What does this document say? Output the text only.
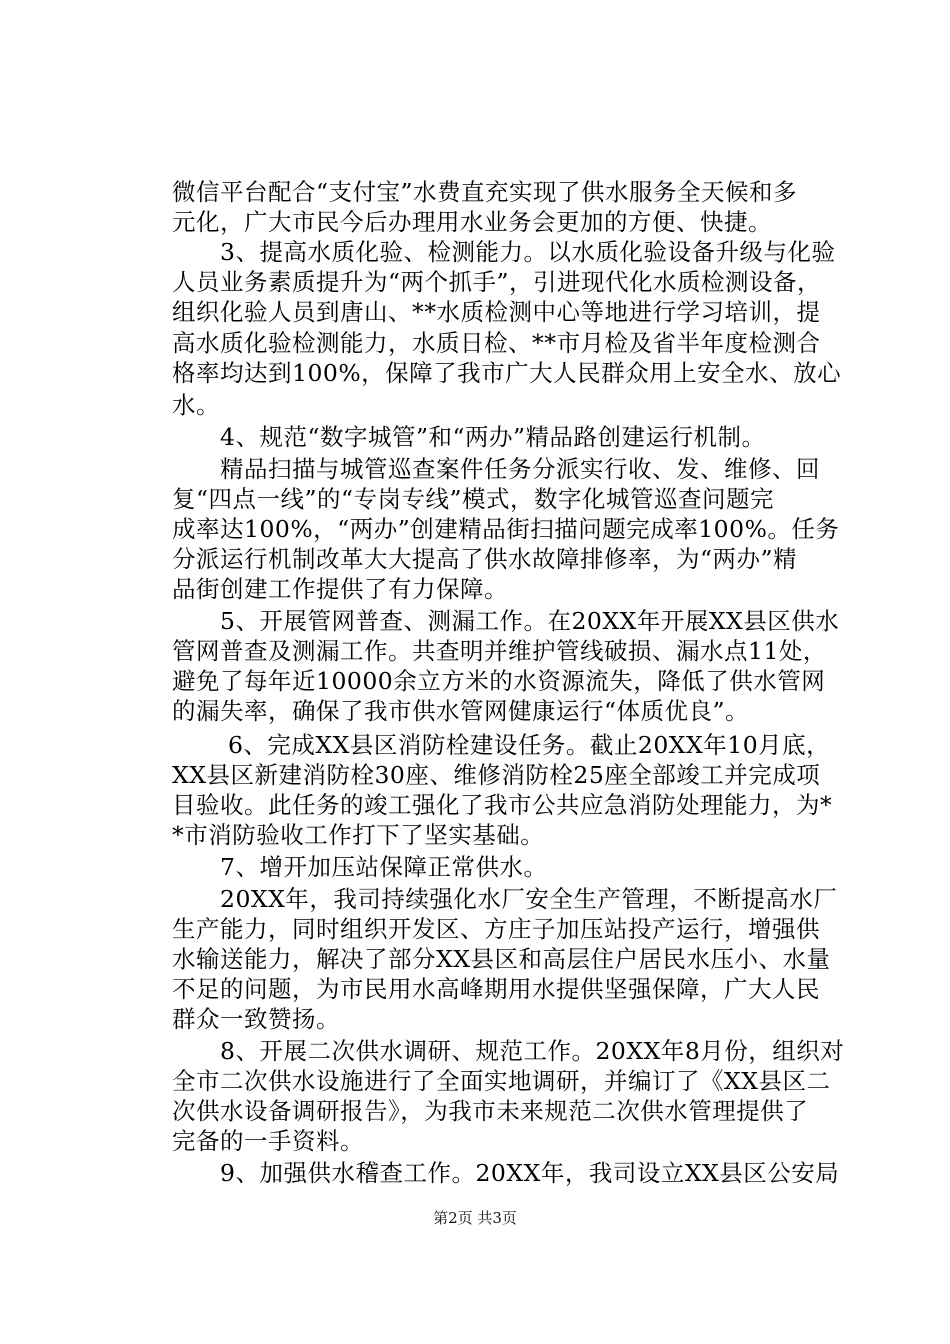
微信平台配合“支付宝”水费直充实现了供水服务全天候和多
元化，广大市民今后办理用水业务会更加的方便、快捷。
　　3、提高水质化验、检测能力。以水质化验设备升级与化验
人员业务素质提升为“两个抓手”，引进现代化水质检测设备，
组织化验人员到唐山、**水质检测中心等地进行学习培训，提
高水质化验检测能力，水质日检、**市月检及省半年度检测合
格率均达到100%，保障了我市广大人民群众用上安全水、放心
水。
　　4、规范“数字城管”和“两办”精品路创建运行机制。
　　精品扫描与城管巡查案件任务分派实行收、发、维修、回
复“四点一线”的“专岗专线”模式，数字化城管巡查问题完
成率达100%，“两办”创建精品街扫描问题完成率100%。任务
分派运行机制改革大大提高了供水故障排修率，为“两办”精
品街创建工作提供了有力保障。
　　5、开展管网普查、测漏工作。在20XX年开展XX县区供水
管网普查及测漏工作。共查明并维护管线破损、漏水点11处，
避免了每年近10000余立方米的水资源流失，降低了供水管网
的漏失率，确保了我市供水管网健康运行“体质优良”。
　　 6、完成XX县区消防栓建设任务。截止20XX年10月底，
XX县区新建消防栓30座、维修消防栓25座全部竣工并完成项
目验收。此任务的竣工强化了我市公共应急消防处理能力，为*
*市消防验收工作打下了坚实基础。
　　7、增开加压站保障正常供水。
　　20XX年，我司持续强化水厂安全生产管理，不断提高水厂
生产能力，同时组织开发区、方庄子加压站投产运行，增强供
水输送能力，解决了部分XX县区和高层住户居民水压小、水量
不足的问题，为市民用水高峰期用水提供坚强保障，广大人民
群众一致赞扬。
　　8、开展二次供水调研、规范工作。20XX年8月份，组织对
全市二次供水设施进行了全面实地调研，并编订了《XX县区二
次供水设备调研报告》，为我市未来规范二次供水管理提供了
完备的一手资料。
　　9、加强供水稽查工作。20XX年，我司设立XX县区公安局
第2页 共3页
